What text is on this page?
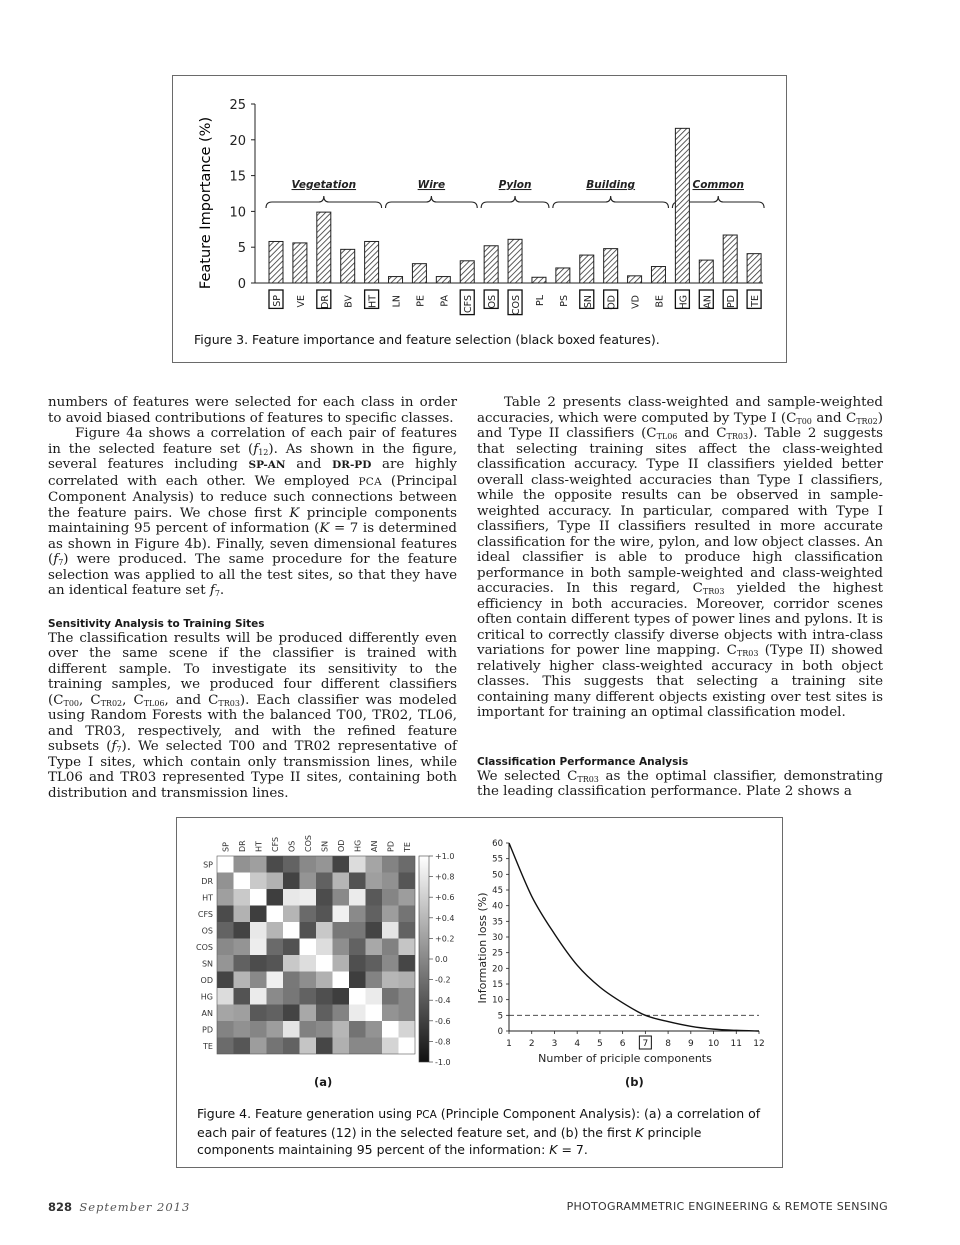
Feature Importance (%) 0
5
10
15
20
25
Vegetation	Wire	Pylon	Building	Common
SP VE DR BV HT LN PE PA CFS OS COS PL PS SN OD VD BE HG AN PD TE
Figure 3. Feature importance and feature selection (black boxed features).

numbers of features were selected for each class in order to avoid biased contributions of features to specific classes.

Figure 4a shows a correlation of each pair of features in the selected feature set $(f_{12})$. As shown in the figure, several features including SP-AN and DR-PD are highly correlated with each other. We employed PCA (Principal Component Analysis) to reduce such connections between the feature pairs. We chose first K principle components maintaining 95 percent of information (K = 7 is determined as shown in Figure 4b). Finally, seven dimensional features $(f_7)$ were produced. The same procedure for the feature selection was applied to all the test sites, so that they have an identical feature set $f_7$.

Sensitivity Analysis to Training Sites

The classification results will be produced differently even over the same scene if the classifier is trained with different sample. To investigate its sensitivity to the training samples, we produced four different classifiers ($C_{T00}$, $C_{TR02}$, $C_{TL06}$, and $C_{TR03}$). Each classifier was modeled using Random Forests with the balanced T00, TR02, TL06, and TR03, respectively, and with the refined feature subsets $(f_7)$. We selected T00 and TR02 representative of Type I sites, which contain only transmission lines, while TL06 and TR03 represented Type II sites, containing both distribution and transmission lines.

Table 2 presents class-weighted and sample-weighted accuracies, which were computed by Type I ($C_{T00}$ and $C_{TR02}$) and Type II classifiers ($C_{TL06}$ and $C_{TR03}$). Table 2 suggests that selecting training sites affect the class-weighted classification accuracy. Type II classifiers yielded better overall class-weighted accuracies than Type I classifiers, while the opposite results can be observed in sample-weighted accuracy. In particular, compared with Type I classifiers, Type II classifiers resulted in more accurate classification for the wire, pylon, and low object classes. An ideal classifier is able to produce high classification performance in both sample-weighted and class-weighted accuracies. In this regard, $C_{TR03}$ yielded the highest efficiency in both accuracies. Moreover, corridor scenes often contain different types of power lines and pylons. It is critical to correctly classify diverse objects with intra-class variations for power line mapping. $C_{TR03}$ (Type II) showed relatively higher class-weighted accuracy in both object classes. This suggests that selecting a training site containing many different objects existing over test sites is important for training an optimal classification model.

Classification Performance Analysis

We selected $C_{TR03}$ as the optimal classifier, demonstrating the leading classification performance. Plate 2 shows a

SP DR HT CFS OS COS SN OD HG AN PD TE
SP
DR
HT
CFS
OS
COS
SN
OD
HG
AN
PD
TE
+1.0
+0.8
+0.6
+0.4
+0.2
0.0
-0.2
-0.4
-0.6
-0.8
-1.0
Information loss (%)
0
5
10
15
20
25
30
35
40
45
50
55
60
1 2 3 4 5 6 7 8 9 10 11 12
Number of priciple components
(a)	(b)
Figure 4. Feature generation using PCA (Principle Component Analysis): (a) a correlation of each pair of features (12) in the selected feature set, and (b) the first K principle components maintaining 95 percent of the information: K = 7.
828 September 2013	PHOTOGRAMMETRIC ENGINEERING & REMOTE SENSING
